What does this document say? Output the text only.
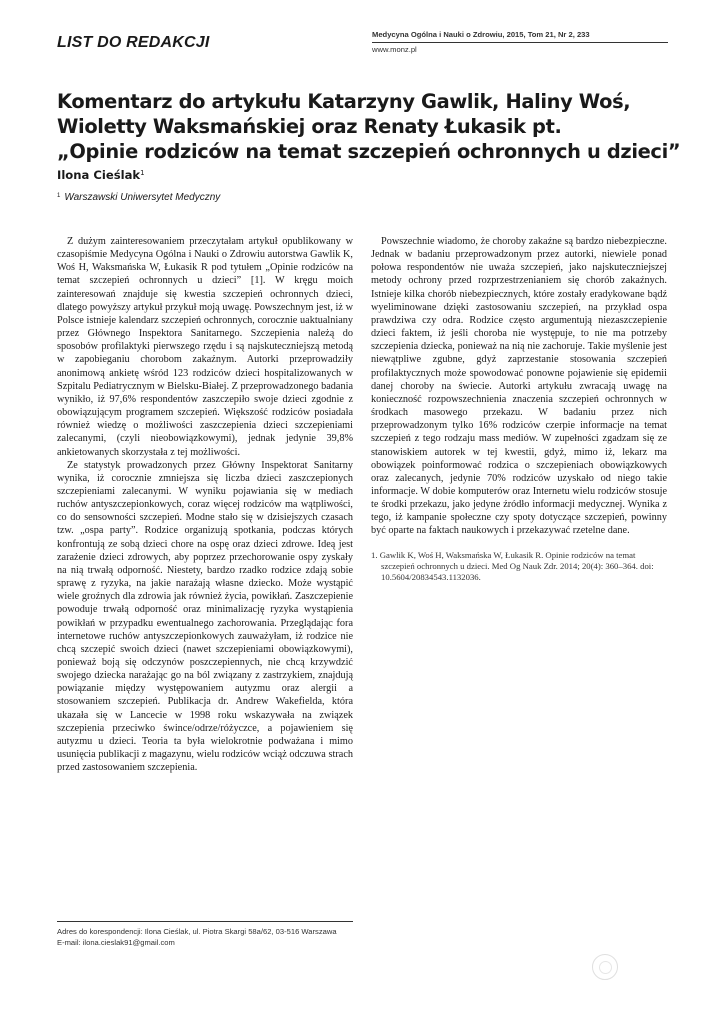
LIST DO REDAKCJI	Medycyna Ogólna i Nauki o Zdrowiu, 2015, Tom 21, Nr 2, 233
www.monz.pl
Komentarz do artykułu Katarzyny Gawlik, Haliny Woś,
Wioletty Waksmańskiej oraz Renaty Łukasik pt.
„Opinie rodziców na temat szczepień ochronnych u dzieci”
Ilona Cieślak$^1$
$^1$ Warszawski Uniwersytet Medyczny

Z dużym zainteresowaniem przeczytałam artykuł opublikowany w czasopiśmie Medycyna Ogólna i Nauki o Zdrowiu autorstwa Gawlik K, Woś H, Waksmańska W, Łukasik R pod tytułem „Opinie rodziców na temat szczepień ochronnych u dzieci” [1]. W kręgu moich zainteresowań znajduje się kwestia szczepień ochronnych dzieci, dlatego powyższy artykuł przykuł moją uwagę. Powszechnym jest, iż w Polsce istnieje kalendarz szczepień ochronnych, corocznie uaktualniany przez Głównego Inspektora Sanitarnego. Szczepienia należą do sposobów profilaktyki pierwszego rzędu i są najskuteczniejszą metodą w zapobieganiu chorobom zakaźnym. Autorki przeprowadziły anonimową ankietę wśród 123 rodziców dzieci hospitalizowanych w Szpitalu Pediatrycznym w Bielsku-Białej. Z przeprowadzonego badania wynikło, iż 97,6% respondentów zaszczepiło swoje dzieci zgodnie z obowiązującym programem szczepień. Większość rodziców posiadała również wiedzę o możliwości zaszczepienia dzieci szczepieniami zalecanymi, (czyli nieobowiązkowymi), jednak jedynie 39,8% ankietowanych skorzystała z tej możliwości.

Ze statystyk prowadzonych przez Główny Inspektorat Sanitarny wynika, iż corocznie zmniejsza się liczba dzieci zaszczepionych szczepieniami zalecanymi. W wyniku pojawiania się w mediach ruchów antyszczepionkowych, coraz więcej rodziców ma wątpliwości, co do sensowności szczepień. Modne stało się w dzisiejszych czasach tzw. „ospa party”. Rodzice organizują spotkania, podczas których konfrontują ze sobą dzieci chore na ospę oraz dzieci zdrowe. Ideą jest zarażenie dzieci zdrowych, aby poprzez przechorowanie ospy zyskały na nią trwałą odporność. Niestety, bardzo rzadko rodzice zdają sobie sprawę z ryzyka, na jakie narażają własne dziecko. Może wystąpić wiele groźnych dla zdrowia jak również życia, powikłań. Zaszczepienie powoduje trwałą odporność oraz minimalizację ryzyka wystąpienia powikłań w przypadku ewentualnego zachorowania. Przeglądając fora internetowe ruchów antyszczepionkowych zauważyłam, iż rodzice nie chcą szczepić swoich dzieci (nawet szczepieniami obowiązkowymi), ponieważ boją się odczynów poszczepiennych, nie chcą krzywdzić swojego dziecka narażając go na ból związany z zastrzykiem, znajdują powiązanie między występowaniem autyzmu oraz alergii a stosowaniem szczepień. Publikacja dr. Andrew Wakefielda, która ukazała się w Lancecie w 1998 roku wskazywała na związek szczepienia przeciwko śwince/odrze/różyczce, a pojawieniem się autyzmu u dzieci. Teoria ta była wielokrotnie podważana i mimo usunięcia publikacji z magazynu, wielu rodziców wciąż odczuwa strach przed zastosowaniem szczepienia.

Powszechnie wiadomo, że choroby zakaźne są bardzo niebezpieczne. Jednak w badaniu przeprowadzonym przez autorki, niewiele ponad połowa respondentów nie uważa szczepień, jako najskuteczniejszej metody ochrony przed rozprzestrzenianiem się chorób zakaźnych. Istnieje kilka chorób niebezpiecznych, które zostały eradykowane bądź wyeliminowane dzięki zastosowaniu szczepień, na przykład ospa prawdziwa czy odra. Rodzice często argumentują niezaszczepienie dzieci faktem, iż jeśli choroba nie występuje, to nie ma potrzeby szczepienia dziecka, ponieważ na nią nie zachoruje. Takie myślenie jest niewątpliwe zgubne, gdyż zaprzestanie stosowania szczepień profilaktycznych może spowodować ponowne pojawienie się epidemii danej choroby na świecie. Autorki artykułu zwracają uwagę na konieczność rozpowszechnienia znaczenia szczepień ochronnych w środkach masowego przekazu. W badaniu przez nich przeprowadzonym tylko 16% rodziców czerpie informacje na temat szczepień z tego rodzaju mass mediów. W zupełności zgadzam się ze stanowiskiem autorek w tej kwestii, gdyż, mimo iż, lekarz ma obowiązek poinformować rodzica o szczepieniach obowiązkowych oraz zalecanych, jedynie 70% rodziców uzyskało od niego takie informacje. W dobie komputerów oraz Internetu wielu rodziców stosuje te środki przekazu, jako jedyne źródło informacji medycznej. Wynika z tego, iż kampanie społeczne czy spoty dotyczące szczepień, powinny być oparte na faktach naukowych i przekazywać rzetelne dane.

1. Gawlik K, Woś H, Waksmańska W, Łukasik R. Opinie rodziców na temat szczepień ochronnych u dzieci. Med Og Nauk Zdr. 2014; 20(4): 360–364. doi: 10.5604/20834543.1132036.
Adres do korespondencji: Ilona Cieślak, ul. Piotra Skargi 58a/62, 03-516 Warszawa
E-mail: ilona.cieslak91@gmail.com
